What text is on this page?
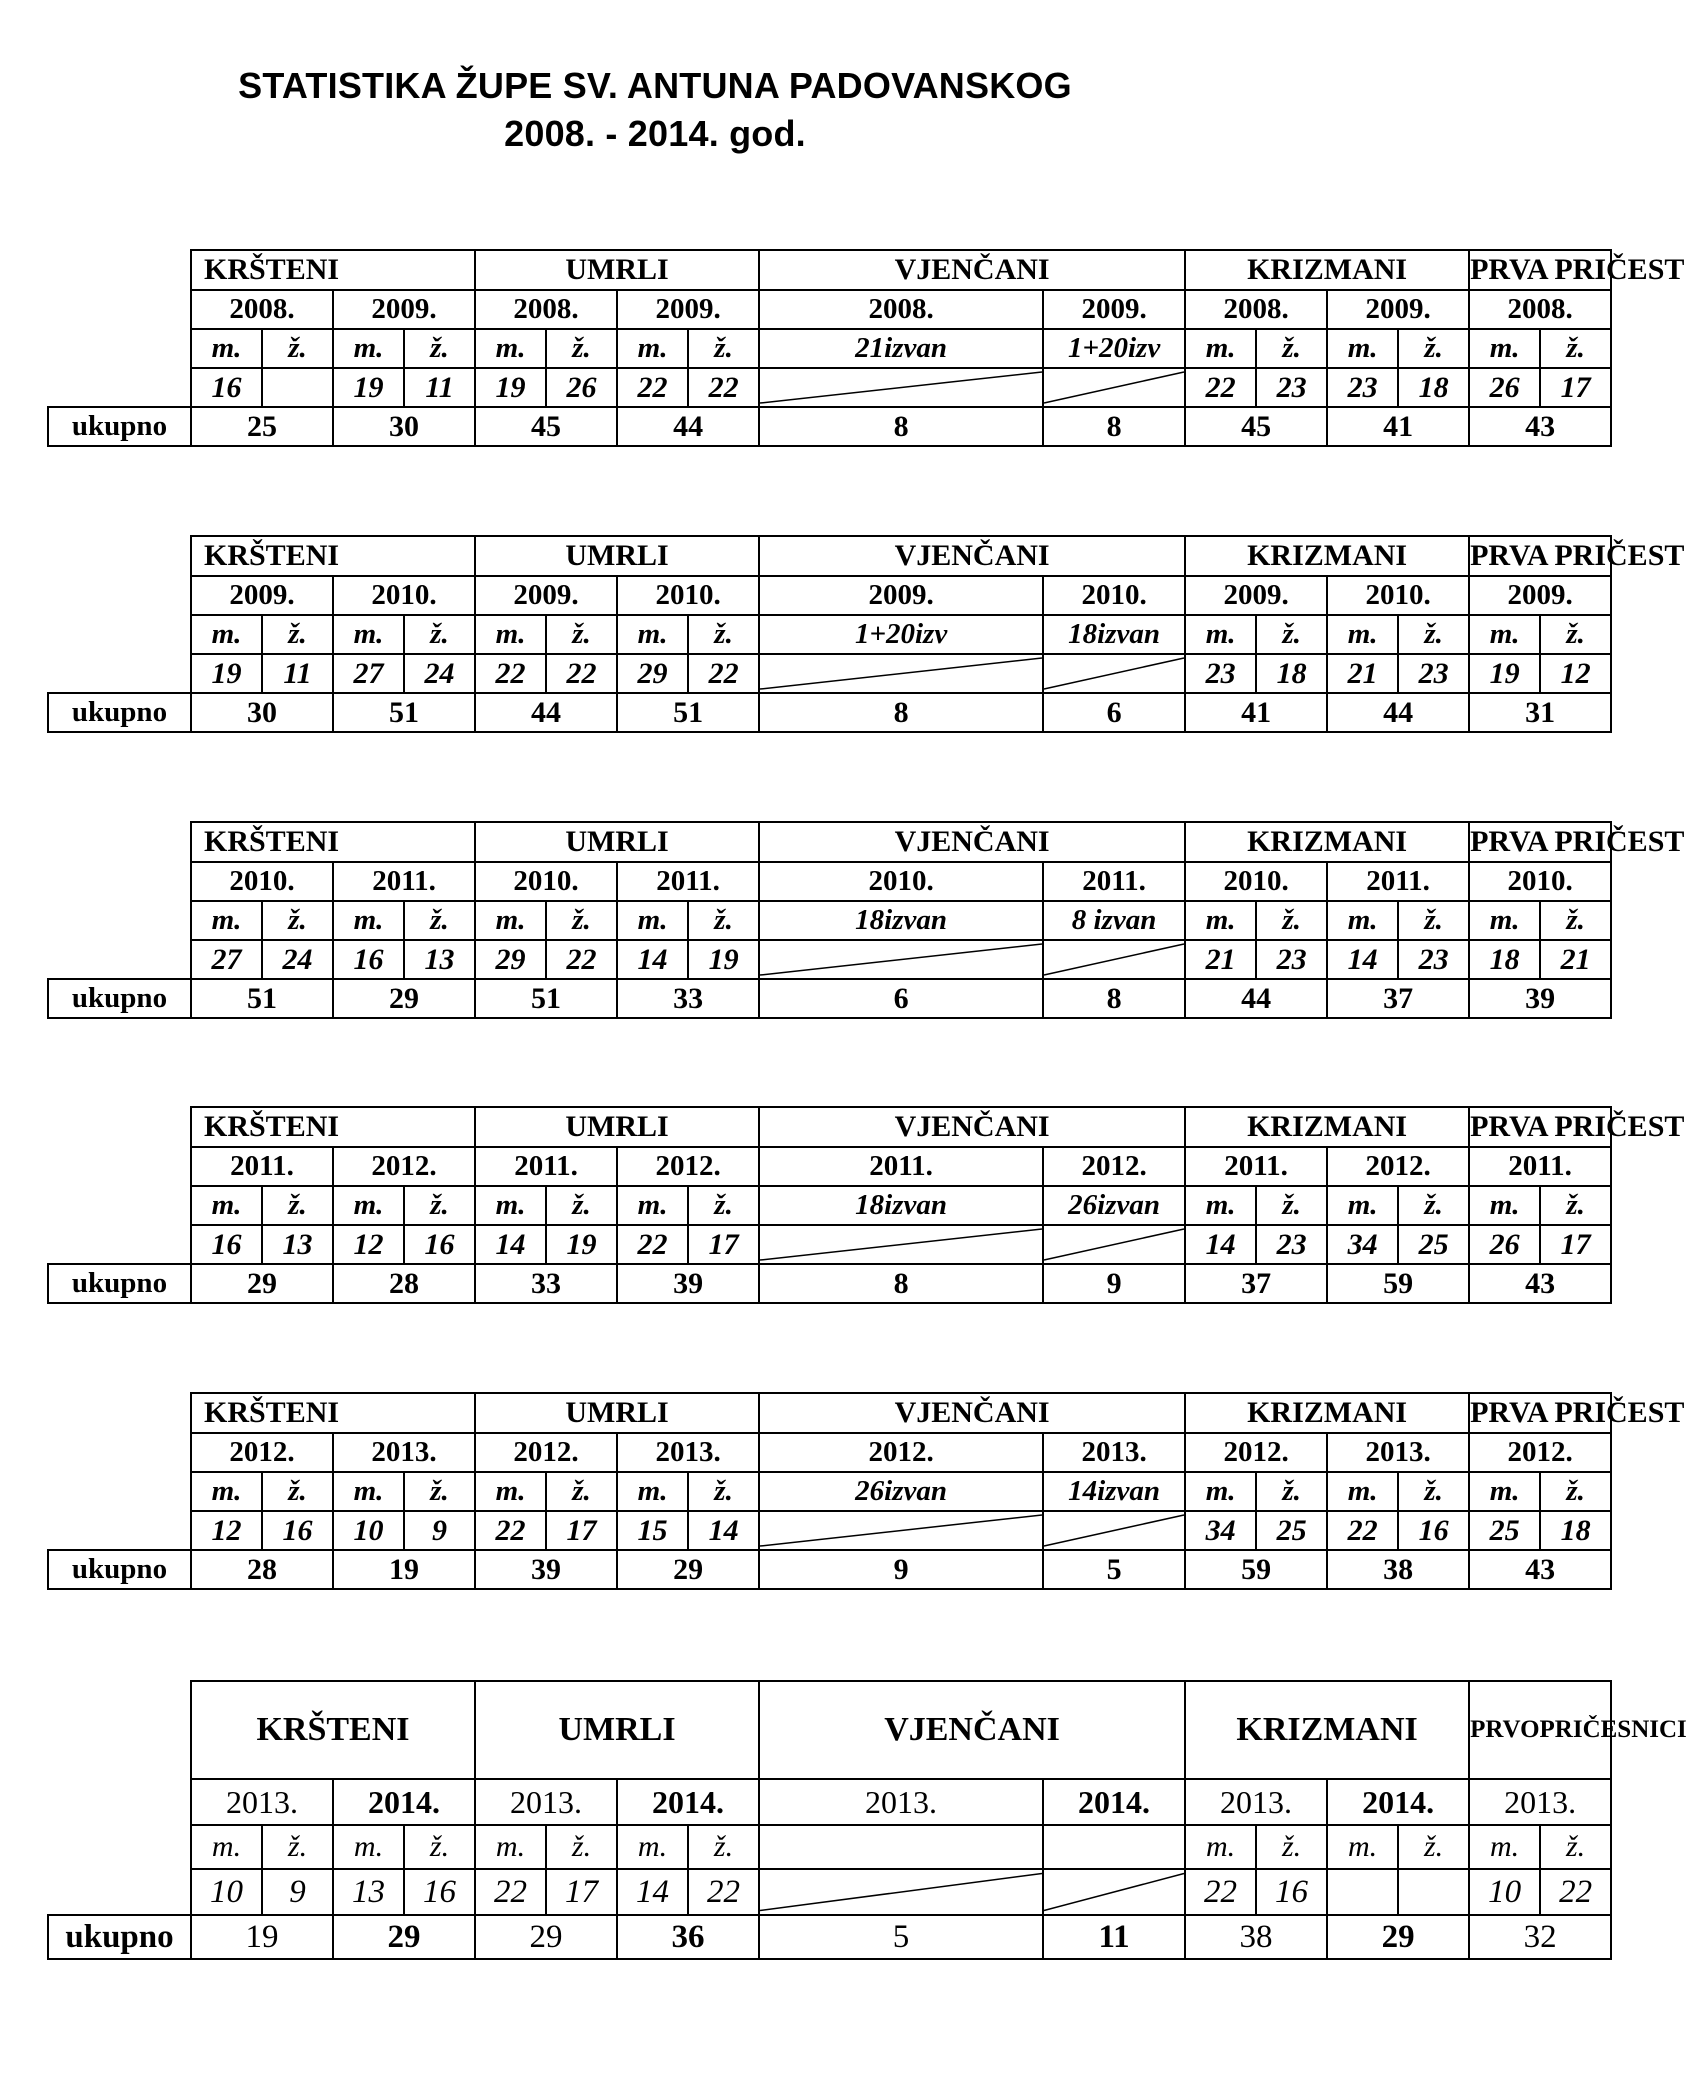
STATISTIKA ŽUPE SV. ANTUNA PADOVANSKOG
2008. - 2014. god.
	KRŠTENI				UMRLI				VJENČANI		KRIZMANI				PRVA PRIČEST		
	2008.		2009.		2008.		2009.		2008.	2009.	2008.		2009.		2008.	
	m.	ž.	m.	ž.	m.	ž.	m.	ž.	21izvan	1+20izv	m.	ž.	m.	ž.	m.	ž.		
	16		19	11	19	26	22	22			22	23	23	18	26	17		
ukupno	25		30		45		44		8	8	45		41		43	
	KRŠTENI				UMRLI				VJENČANI		KRIZMANI				PRVA PRIČEST		
	2009.		2010.		2009.		2010.		2009.	2010.	2009.		2010.		2009.	
	m.	ž.	m.	ž.	m.	ž.	m.	ž.	1+20izv	18izvan	m.	ž.	m.	ž.	m.	ž.		
	19	11	27	24	22	22	29	22			23	18	21	23	19	12		
ukupno	30		51		44		51		8	6	41		44		31	
	KRŠTENI				UMRLI				VJENČANI		KRIZMANI				PRVA PRIČEST		
	2010.		2011.		2010.		2011.		2010.	2011.	2010.		2011.		2010.	
	m.	ž.	m.	ž.	m.	ž.	m.	ž.	18izvan	8 izvan	m.	ž.	m.	ž.	m.	ž.		
	27	24	16	13	29	22	14	19			21	23	14	23	18	21		
ukupno	51		29		51		33		6	8	44		37		39	
	KRŠTENI				UMRLI				VJENČANI		KRIZMANI				PRVA PRIČEST		
	2011.		2012.		2011.		2012.		2011.	2012.	2011.		2012.		2011.	
	m.	ž.	m.	ž.	m.	ž.	m.	ž.	18izvan	26izvan	m.	ž.	m.	ž.	m.	ž.		
	16	13	12	16	14	19	22	17			14	23	34	25	26	17		
ukupno	29		28		33		39		8	9	37		59		43	
	KRŠTENI				UMRLI				VJENČANI		KRIZMANI				PRVA PRIČEST		
	2012.		2013.		2012.		2013.		2012.	2013.	2012.		2013.		2012.	
	m.	ž.	m.	ž.	m.	ž.	m.	ž.	26izvan	14izvan	m.	ž.	m.	ž.	m.	ž.		
	12	16	10	9	22	17	15	14			34	25	22	16	25	18		
ukupno	28		19		39		29		9	5	59		38		43	
	KRŠTENI				UMRLI				VJENČANI		KRIZMANI				PRVOPRIČESNICI		
	2013.		2014.		2013.		2014.		2013.	2014.	2013.		2014.		2013.	
	m.	ž.	m.	ž.	m.	ž.	m.	ž.			m.	ž.	m.	ž.	m.	ž.		
	10	9	13	16	22	17	14	22			22	16			10	22		
ukupno	19		29		29		36		5	11	38		29		32	
